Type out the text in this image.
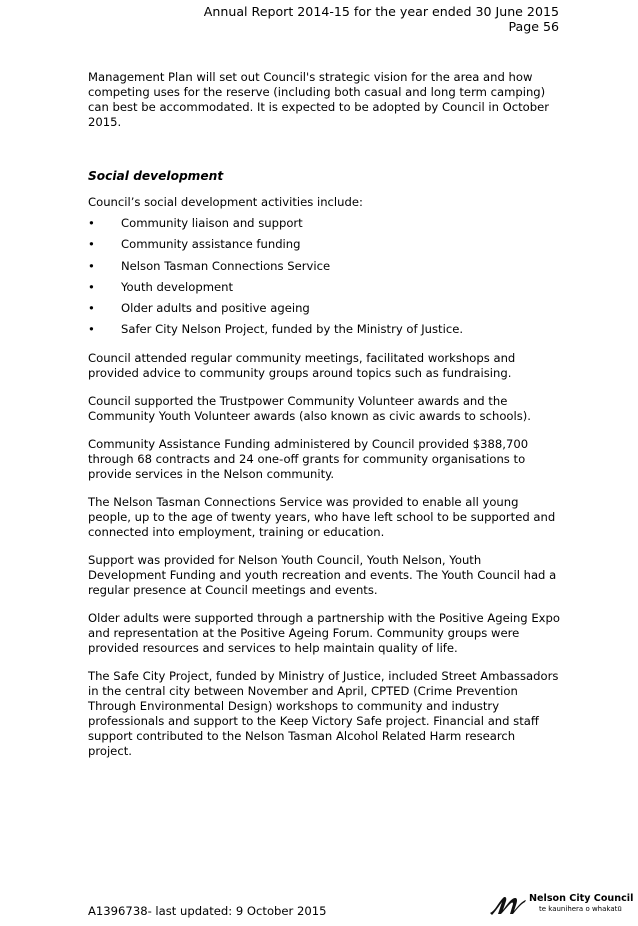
Annual Report 2014-15 for the year ended 30 June 2015
Page 56

Management Plan will set out Council's strategic vision for the area and how competing uses for the reserve (including both casual and long term camping) can best be accommodated. It is expected to be adopted by Council in October 2015.

Social development

Council’s social development activities include:

• Community liaison and support
• Community assistance funding
• Nelson Tasman Connections Service
• Youth development
• Older adults and positive ageing
• Safer City Nelson Project, funded by the Ministry of Justice.

Council attended regular community meetings, facilitated workshops and provided advice to community groups around topics such as fundraising.

Council supported the Trustpower Community Volunteer awards and the Community Youth Volunteer awards (also known as civic awards to schools).

Community Assistance Funding administered by Council provided $388,700 through 68 contracts and 24 one-off grants for community organisations to provide services in the Nelson community.

The Nelson Tasman Connections Service was provided to enable all young people, up to the age of twenty years, who have left school to be supported and connected into employment, training or education.

Support was provided for Nelson Youth Council, Youth Nelson, Youth Development Funding and youth recreation and events. The Youth Council had a regular presence at Council meetings and events.

Older adults were supported through a partnership with the Positive Ageing Expo and representation at the Positive Ageing Forum. Community groups were provided resources and services to help maintain quality of life.

The Safe City Project, funded by Ministry of Justice, included Street Ambassadors in the central city between November and April, CPTED (Crime Prevention Through Environmental Design) workshops to community and industry professionals and support to the Keep Victory Safe project. Financial and staff support contributed to the Nelson Tasman Alcohol Related Harm research project.

A1396738- last updated: 9 October 2015
Nelson City Council
te kaunihera o whakatū
